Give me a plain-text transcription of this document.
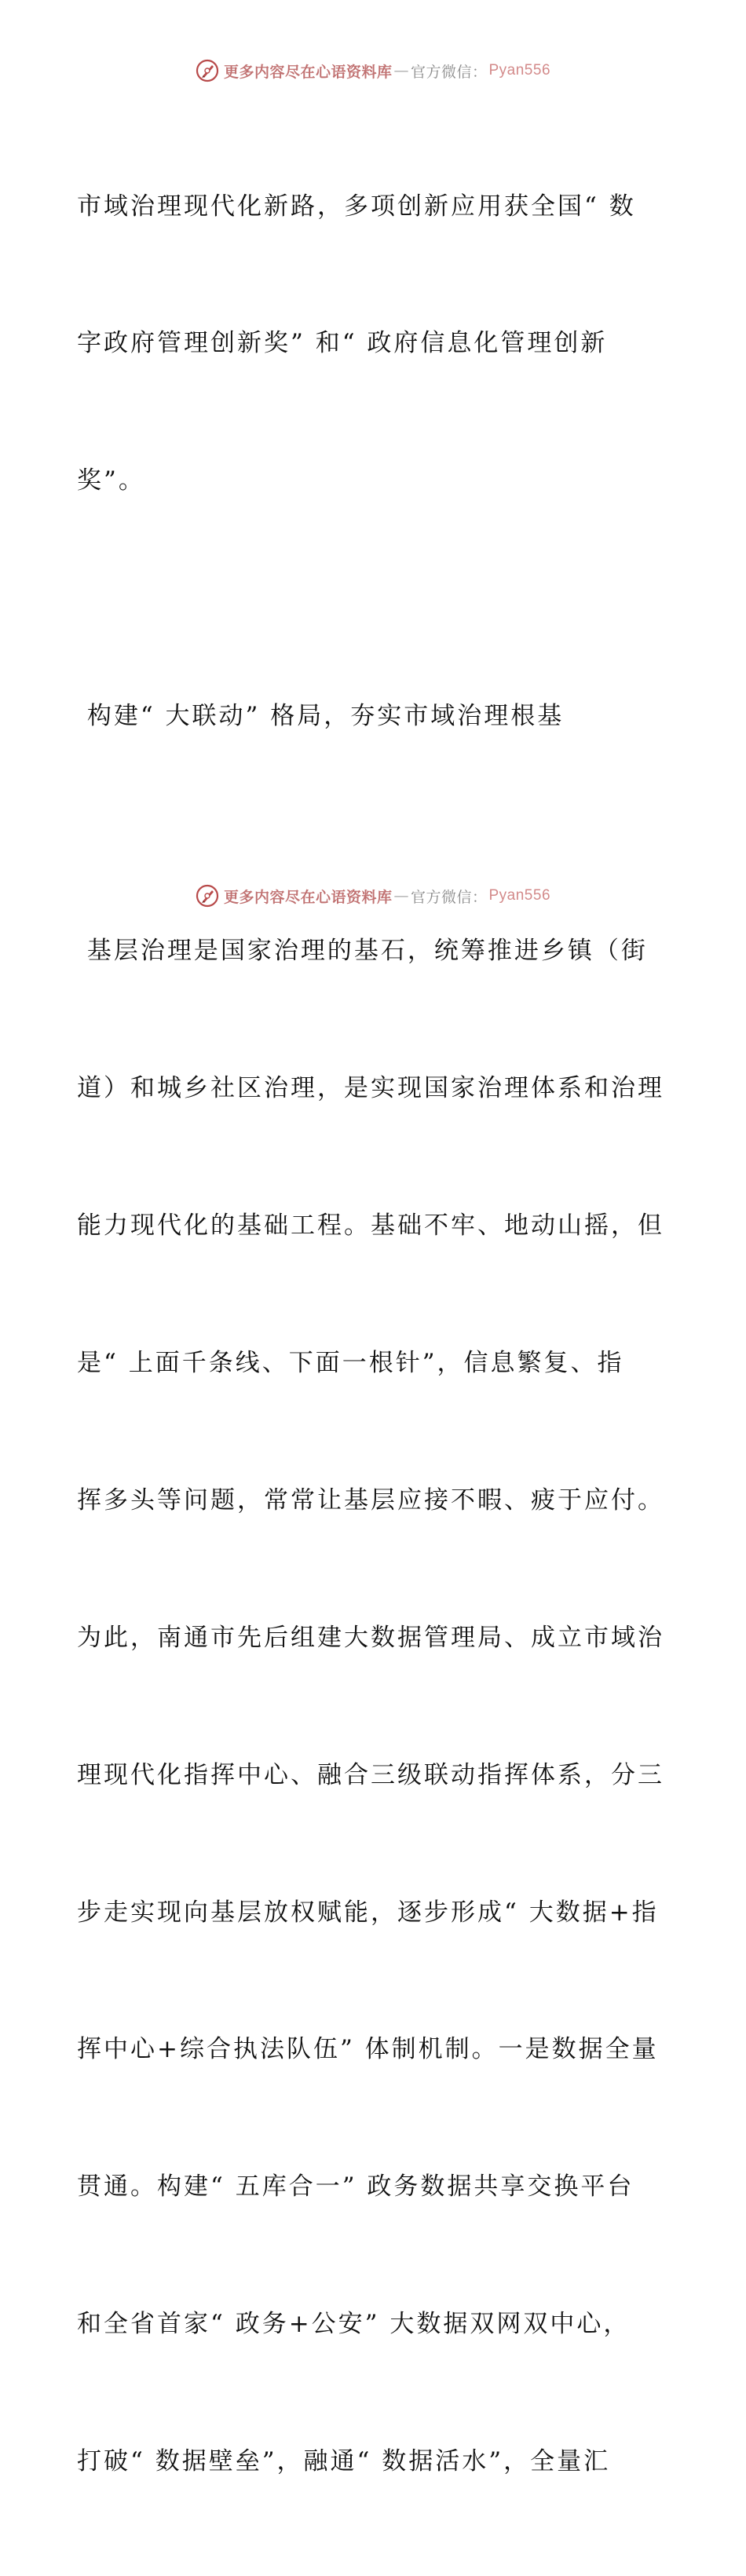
更多内容尽在心语资料库 — 官方微信： Pyan556

市域治理现代化新路，多项创新应用获全国“ 数

字政府管理创新奖” 和“ 政府信息化管理创新

奖”。

构建“ 大联动” 格局，夯实市域治理根基

基层治理是国家治理的基石，统筹推进乡镇（街

道）和城乡社区治理，是实现国家治理体系和治理

能力现代化的基础工程。基础不牢、地动山摇，但

是“ 上面千条线、下面一根针”，信息繁复、指

挥多头等问题，常常让基层应接不暇、疲于应付。

为此，南通市先后组建大数据管理局、成立市域治

理现代化指挥中心、融合三级联动指挥体系，分三

步走实现向基层放权赋能，逐步形成“ 大数据+指

挥中心+综合执法队伍” 体制机制。一是数据全量

贯通。构建“ 五库合一” 政务数据共享交换平台

和全省首家“ 政务+公安” 大数据双网双中心，

打破“ 数据壁垒”，融通“ 数据活水”，全量汇

更多内容尽在心语资料库 — 官方微信： Pyan556
